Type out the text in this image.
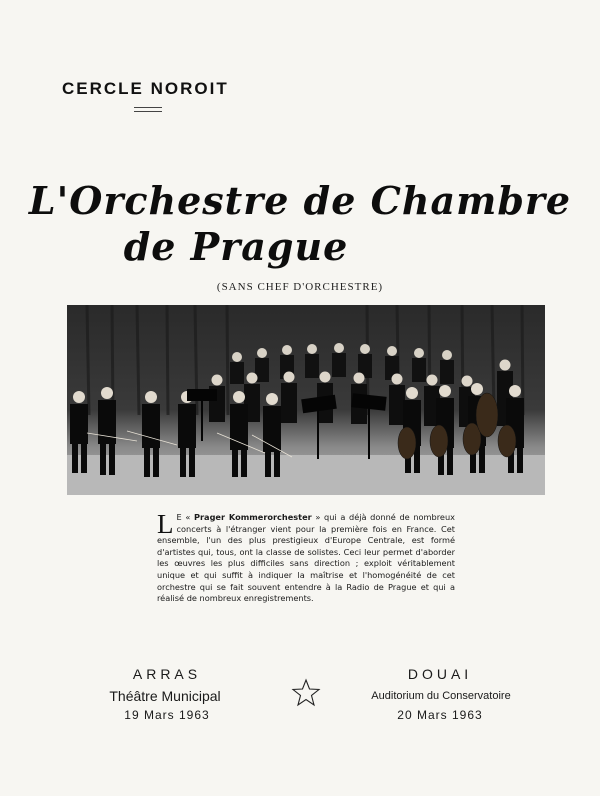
CERCLE NOROIT
L'Orchestre de Chambre
de Prague
(SANS CHEF D'ORCHESTRE)
L E « Prager Kommerorchester » qui a déjà donné de nombreux concerts à l'étranger vient pour la première fois en France. Cet ensemble, l'un des plus prestigieux d'Europe Centrale, est formé d'artistes qui, tous, ont la classe de solistes. Ceci leur permet d'aborder les œuvres les plus difficiles sans direction ; exploit véritablement unique et qui suffit à indiquer la maîtrise et l'homogénéité de cet orchestre qui se fait souvent entendre à la Radio de Prague et qui a réalisé de nombreux enregistrements.
ARRAS
Théâtre Municipal
19 Mars 1963
DOUAI
Auditorium du Conservatoire
20 Mars 1963
